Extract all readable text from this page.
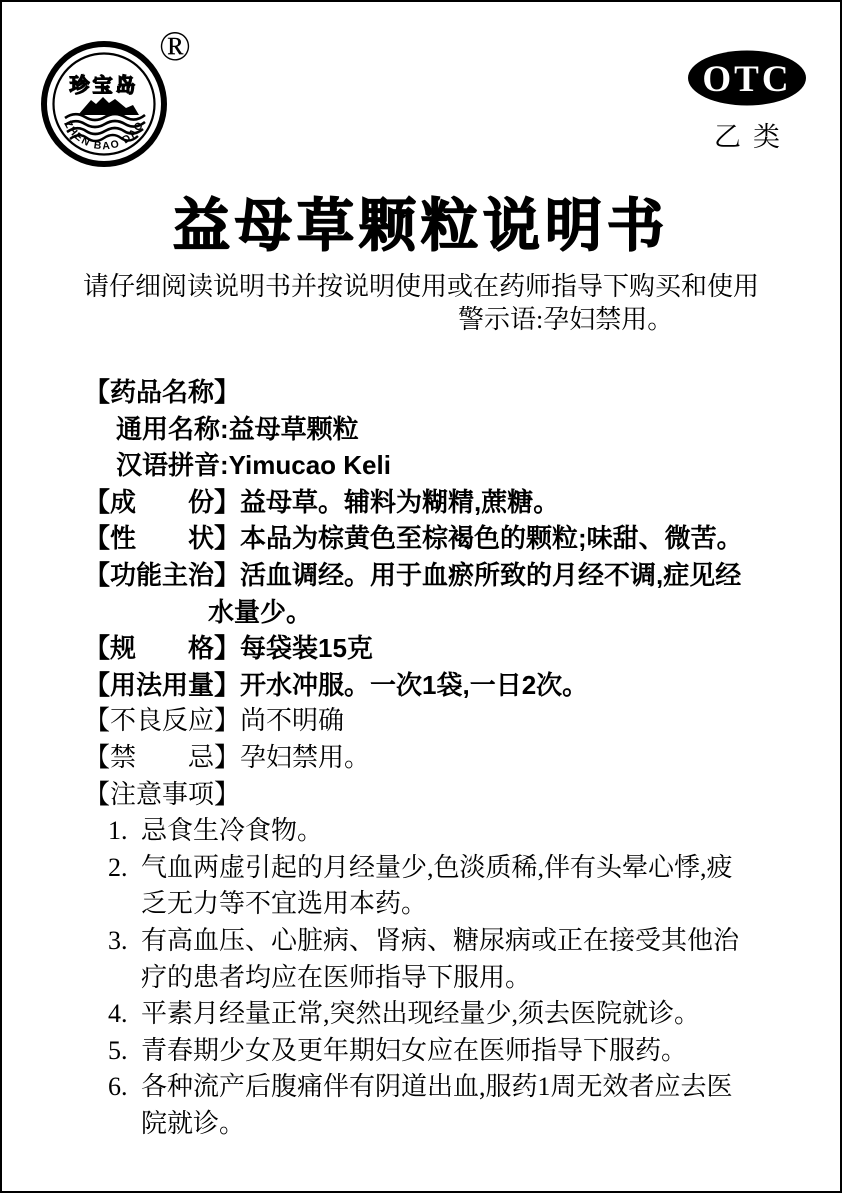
珍宝岛
ZHEN BAO DAO
®
OTC
乙类
益母草颗粒说明书

请仔细阅读说明书并按说明使用或在药师指导下购买和使用

警示语:孕妇禁用。

【药品名称】

通用名称:益母草颗粒

汉语拼音:Yimucao Keli

【成　　份】益母草。辅料为糊精,蔗糖。

【性　　状】本品为棕黄色至棕褐色的颗粒;味甜、微苦。

【功能主治】活血调经。用于血瘀所致的月经不调,症见经水量少。

【规　　格】每袋装15克

【用法用量】开水冲服。一次1袋,一日2次。

【不良反应】尚不明确

【禁　　忌】孕妇禁用。

【注意事项】

1. 忌食生冷食物。

2. 气血两虚引起的月经量少,色淡质稀,伴有头晕心悸,疲乏无力等不宜选用本药。

3. 有高血压、心脏病、肾病、糖尿病或正在接受其他治疗的患者均应在医师指导下服用。

4. 平素月经量正常,突然出现经量少,须去医院就诊。

5. 青春期少女及更年期妇女应在医师指导下服药。

6. 各种流产后腹痛伴有阴道出血,服药1周无效者应去医院就诊。
